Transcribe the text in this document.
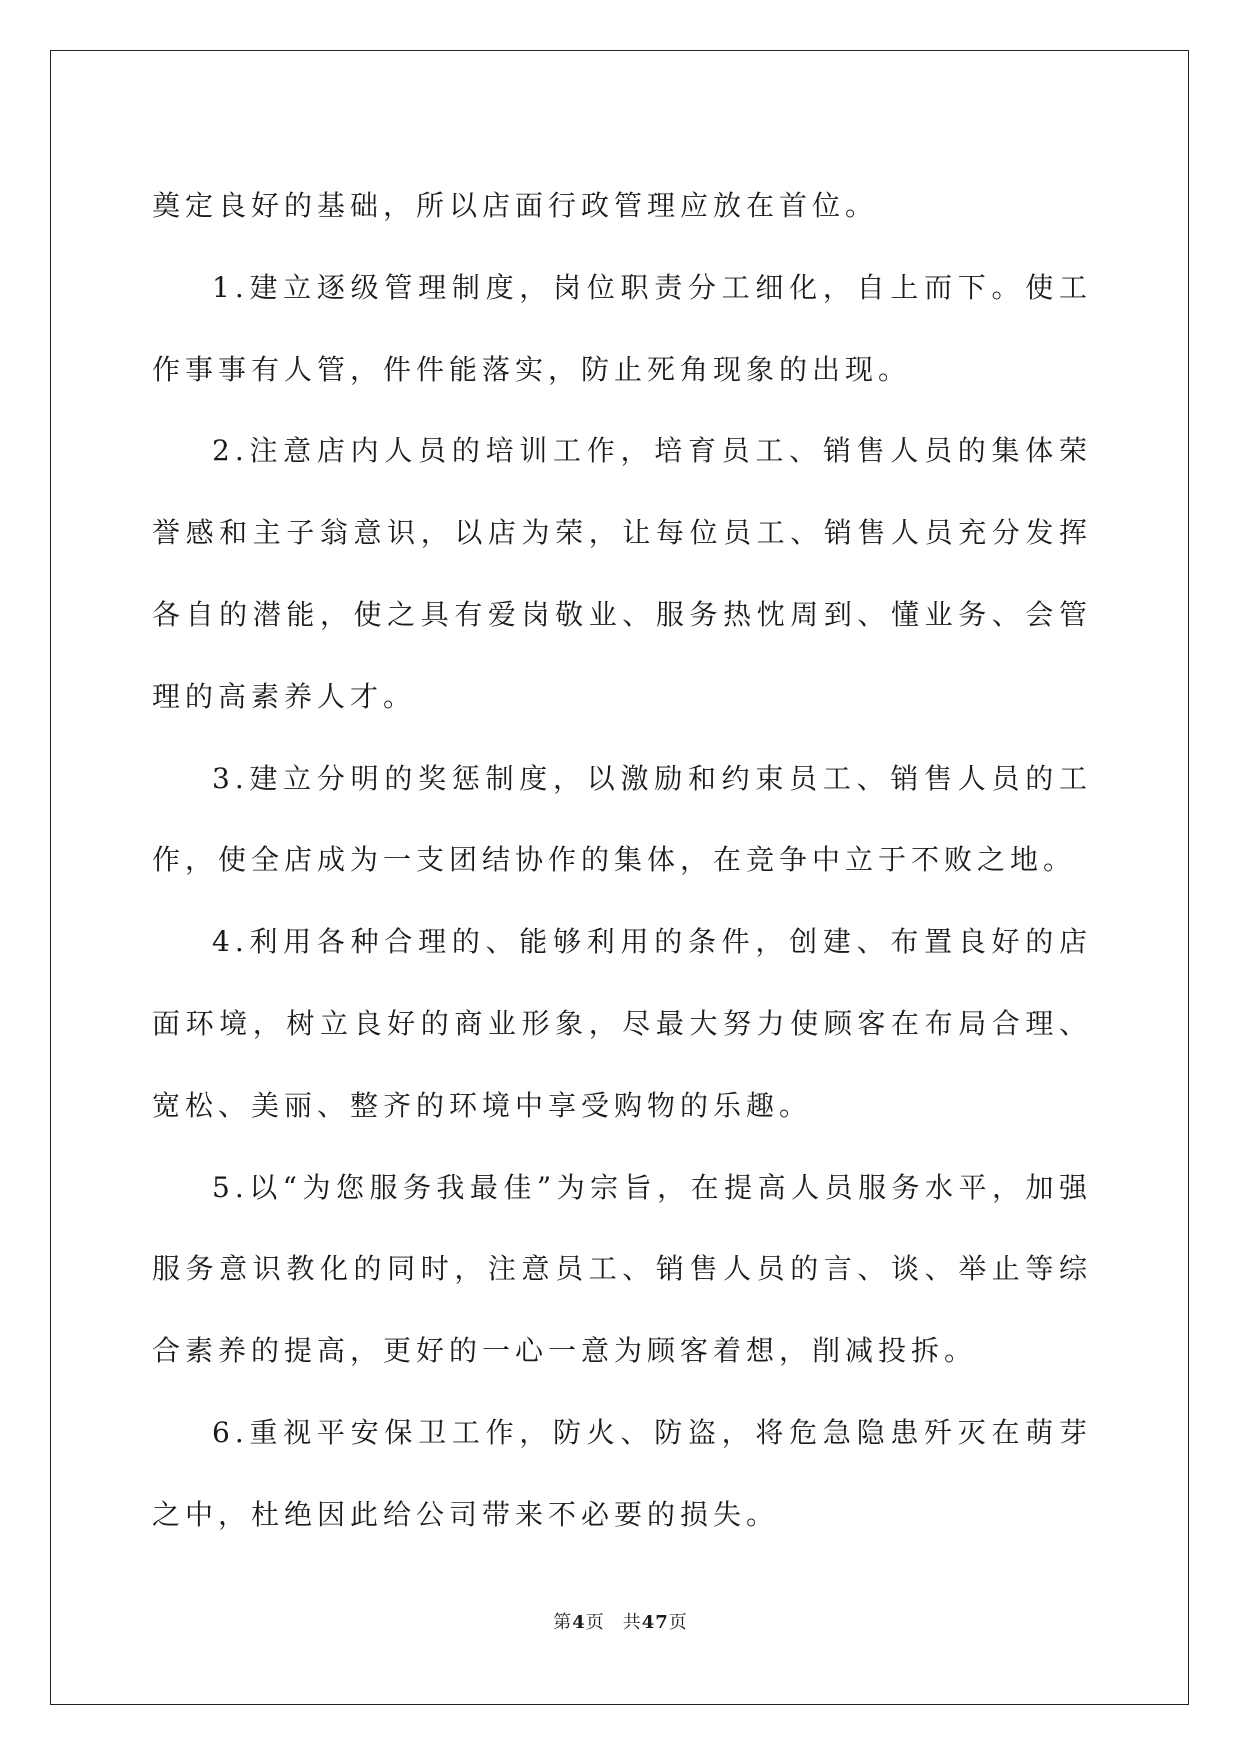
奠定良好的基础，所以店面行政管理应放在首位。

1.建立逐级管理制度，岗位职责分工细化，自上而下。使工作事事有人管，件件能落实，防止死角现象的出现。

2.注意店内人员的培训工作，培育员工、销售人员的集体荣誉感和主子翁意识，以店为荣，让每位员工、销售人员充分发挥各自的潜能，使之具有爱岗敬业、服务热忱周到、懂业务、会管理的高素养人才。

3.建立分明的奖惩制度，以激励和约束员工、销售人员的工作，使全店成为一支团结协作的集体，在竞争中立于不败之地。

4.利用各种合理的、能够利用的条件，创建、布置良好的店面环境，树立良好的商业形象，尽最大努力使顾客在布局合理、宽松、美丽、整齐的环境中享受购物的乐趣。

5.以“为您服务我最佳”为宗旨，在提高人员服务水平，加强服务意识教化的同时，注意员工、销售人员的言、谈、举止等综合素养的提高，更好的一心一意为顾客着想，削减投拆。

6.重视平安保卫工作，防火、防盗，将危急隐患歼灭在萌芽之中，杜绝因此给公司带来不必要的损失。

第4页 共47页
